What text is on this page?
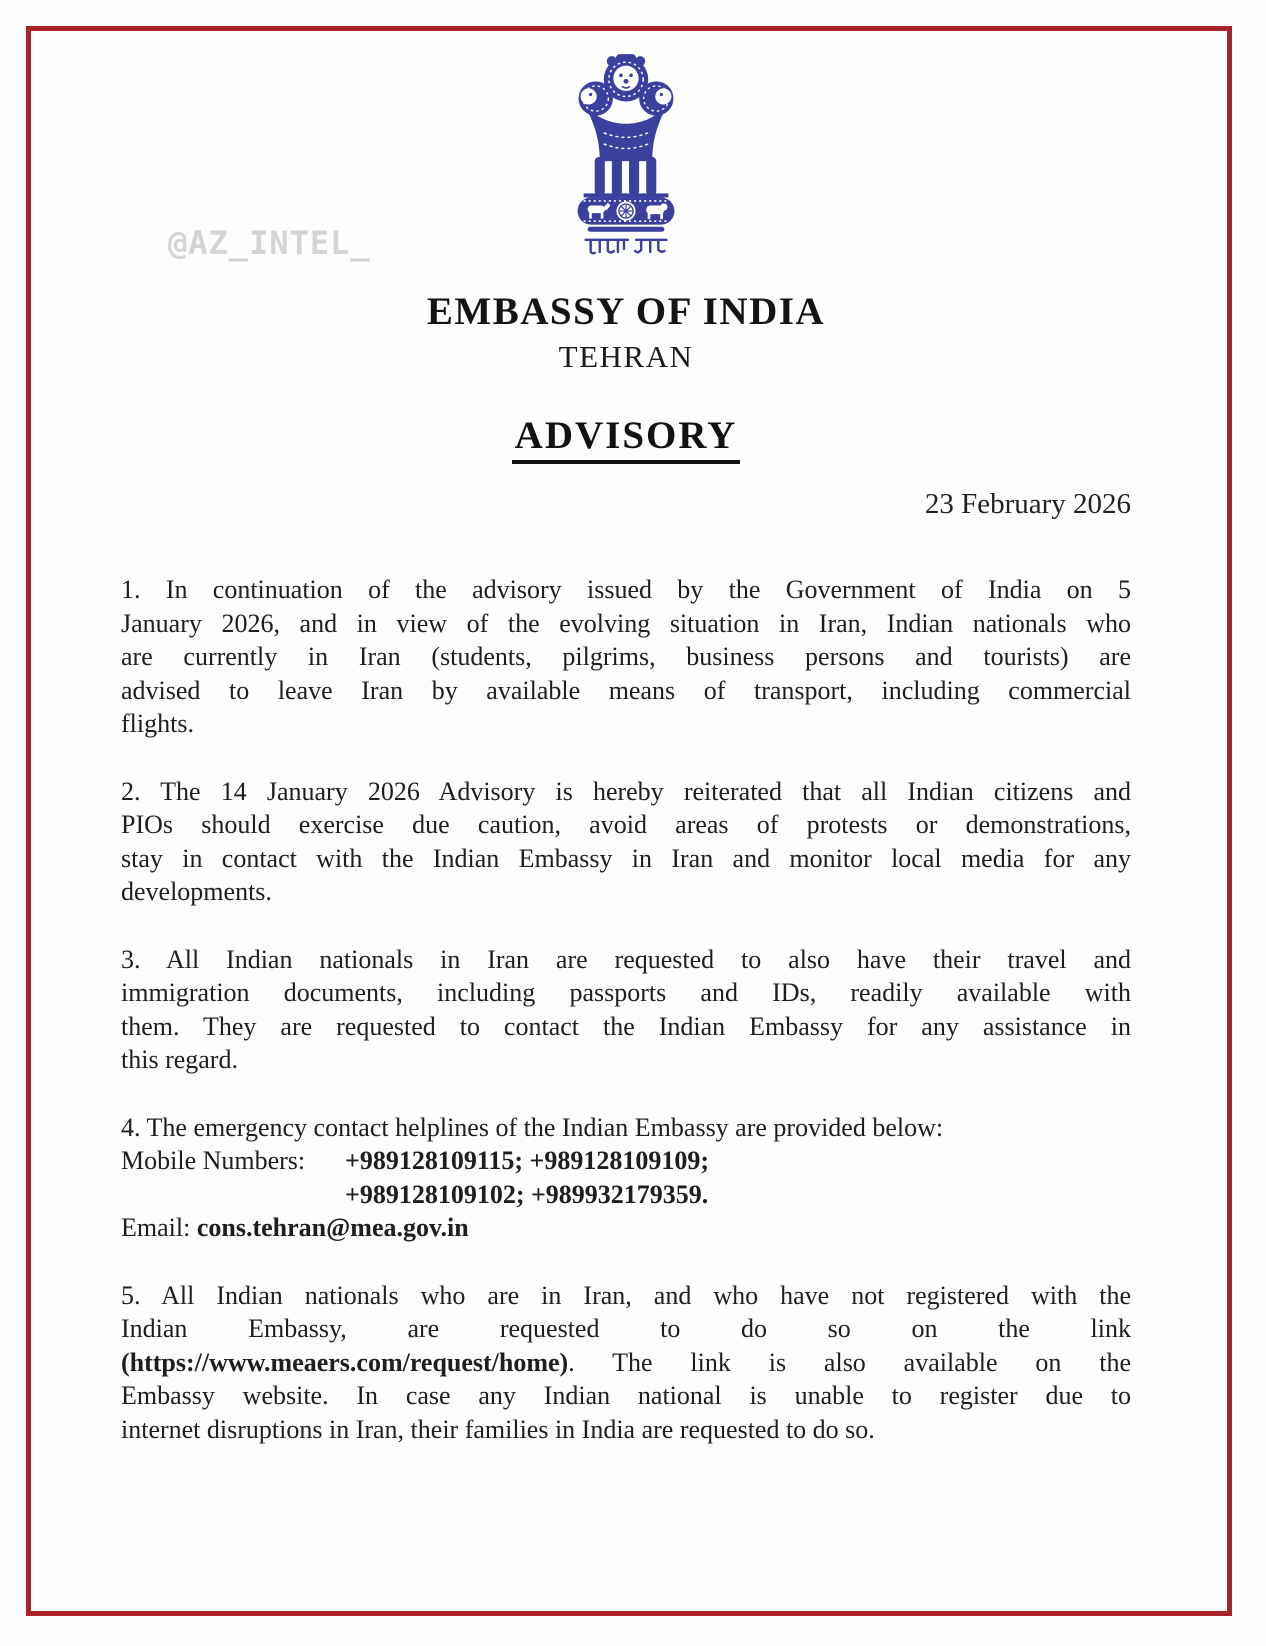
@AZ_INTEL_
EMBASSY OF INDIA
TEHRAN
ADVISORY
23 February 2026
1. In continuation of the advisory issued by the Government of India on 5
January 2026, and in view of the evolving situation in Iran, Indian nationals who
are currently in Iran (students, pilgrims, business persons and tourists) are
advised to leave Iran by available means of transport, including commercial
flights.
2. The 14 January 2026 Advisory is hereby reiterated that all Indian citizens and
PIOs should exercise due caution, avoid areas of protests or demonstrations,
stay in contact with the Indian Embassy in Iran and monitor local media for any
developments.
3. All Indian nationals in Iran are requested to also have their travel and
immigration documents, including passports and IDs, readily available with
them. They are requested to contact the Indian Embassy for any assistance in
this regard.
4. The emergency contact helplines of the Indian Embassy are provided below:
Mobile Numbers: +989128109115; +989128109109;
+989128109102; +989932179359.
Email: cons.tehran@mea.gov.in
5. All Indian nationals who are in Iran, and who have not registered with the
Indian Embassy, are requested to do so on the link
(https://www.meaers.com/request/home). The link is also available on the
Embassy website. In case any Indian national is unable to register due to
internet disruptions in Iran, their families in India are requested to do so.
